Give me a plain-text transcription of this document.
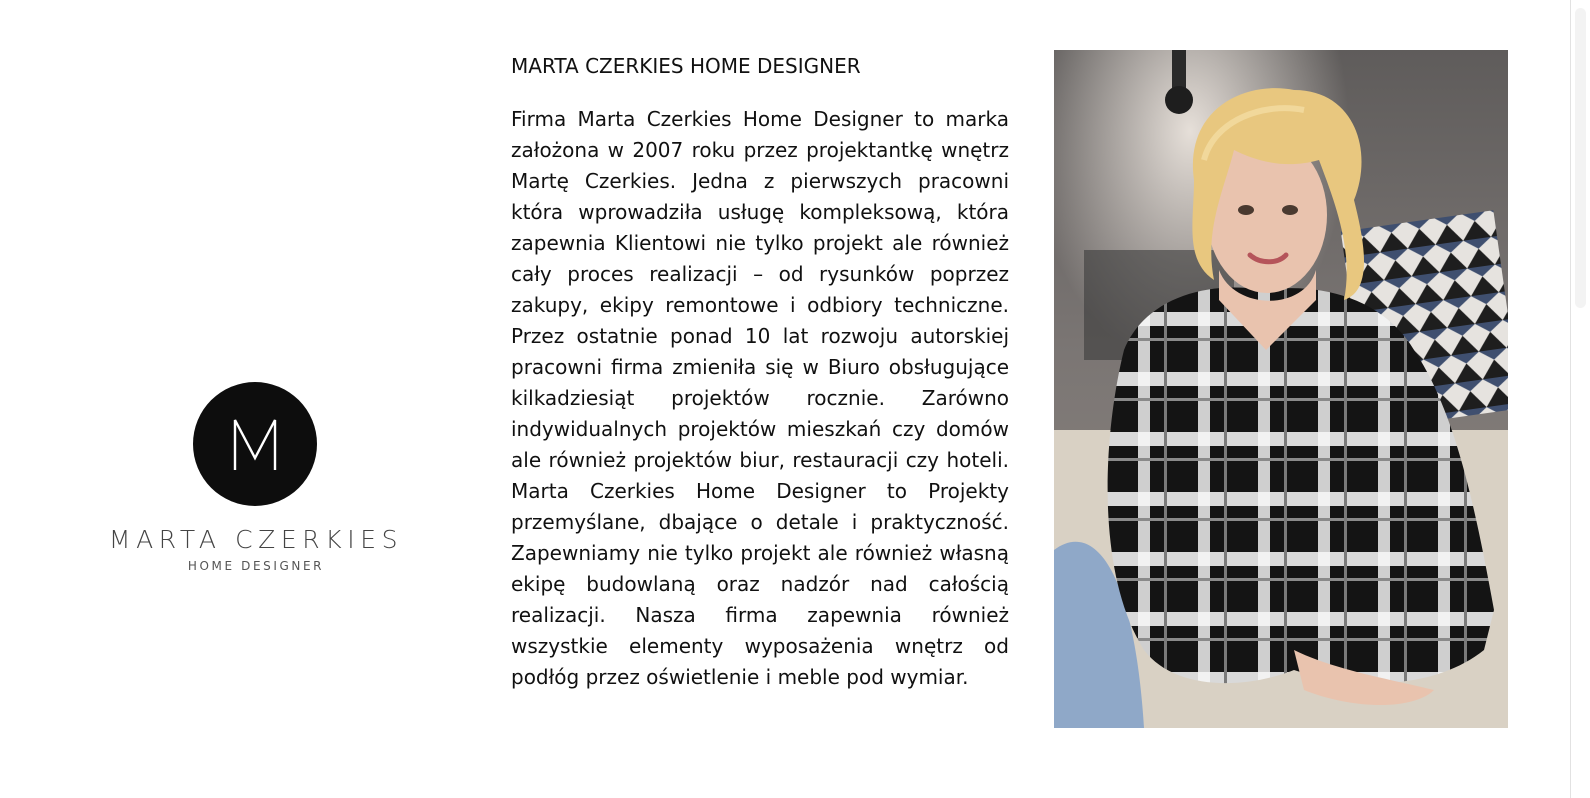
MARTA CZERKIES
HOME DESIGNER
MARTA CZERKIES HOME DESIGNER

Firma Marta Czerkies Home Designer to marka założona w 2007 roku przez projektantkę wnętrz Martę Czerkies. Jedna z pierwszych pracowni która wprowadziła usługę kompleksową, która zapewnia Klientowi nie tylko projekt ale również cały proces realizacji – od rysunków poprzez zakupy, ekipy remontowe i odbiory techniczne. Przez ostatnie ponad 10 lat rozwoju autorskiej pracowni firma zmieniła się w Biuro obsługujące kilkadziesiąt projektów rocznie. Zarówno indywidualnych projektów mieszkań czy domów ale również projektów biur, restauracji czy hoteli. Marta Czerkies Home Designer to Projekty przemyślane, dbające o detale i praktyczność. Zapewniamy nie tylko projekt ale również własną ekipę budowlaną oraz nadzór nad całością realizacji. Nasza firma zapewnia również wszystkie elementy wyposażenia wnętrz od podłóg przez oświetlenie i meble pod wymiar.
